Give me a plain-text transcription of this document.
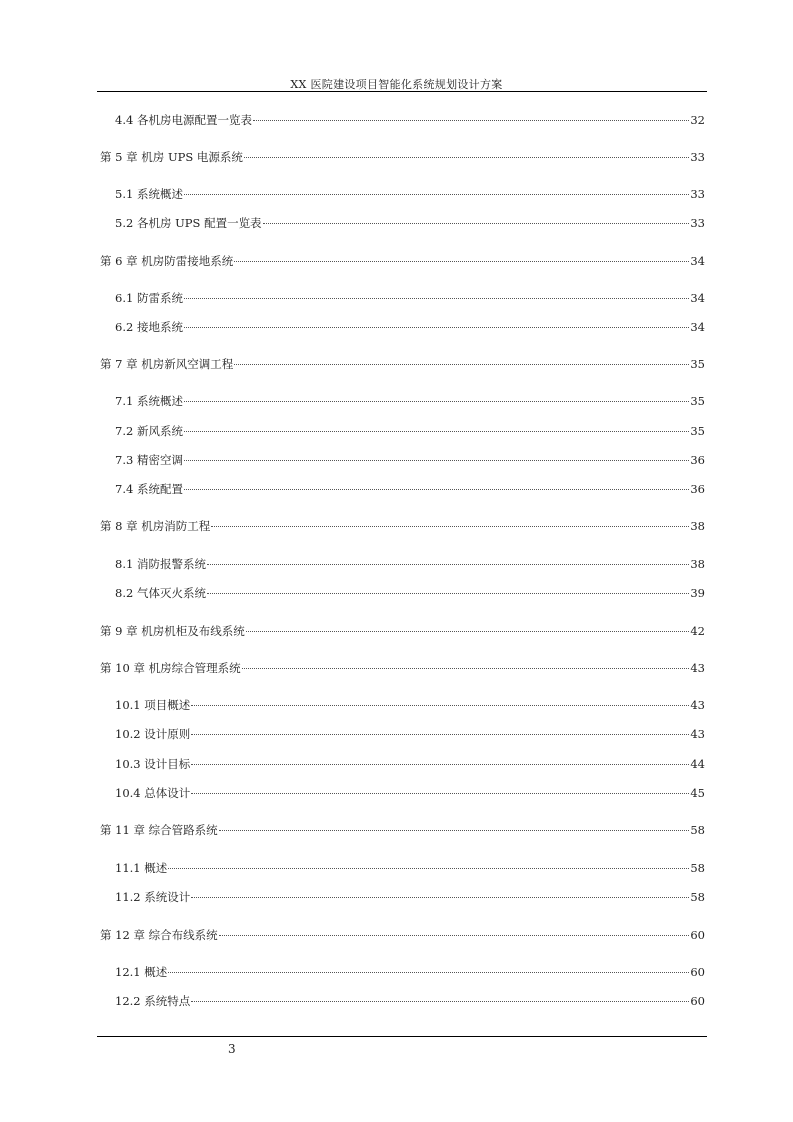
XX 医院建设项目智能化系统规划设计方案
4.4 各机房电源配置一览表	32
第 5 章 机房 UPS 电源系统	33
5.1 系统概述	33
5.2 各机房 UPS 配置一览表	33
第 6 章 机房防雷接地系统	34
6.1 防雷系统	34
6.2 接地系统	34
第 7 章 机房新风空调工程	35
7.1 系统概述	35
7.2 新风系统	35
7.3 精密空调	36
7.4 系统配置	36
第 8 章 机房消防工程	38
8.1 消防报警系统	38
8.2 气体灭火系统	39
第 9 章 机房机柜及布线系统	42
第 10 章 机房综合管理系统	43
10.1 项目概述	43
10.2 设计原则	43
10.3 设计目标	44
10.4 总体设计	45
第 11 章 综合管路系统	58
11.1 概述	58
11.2 系统设计	58
第 12 章 综合布线系统	60
12.1 概述	60
12.2 系统特点	60
3
